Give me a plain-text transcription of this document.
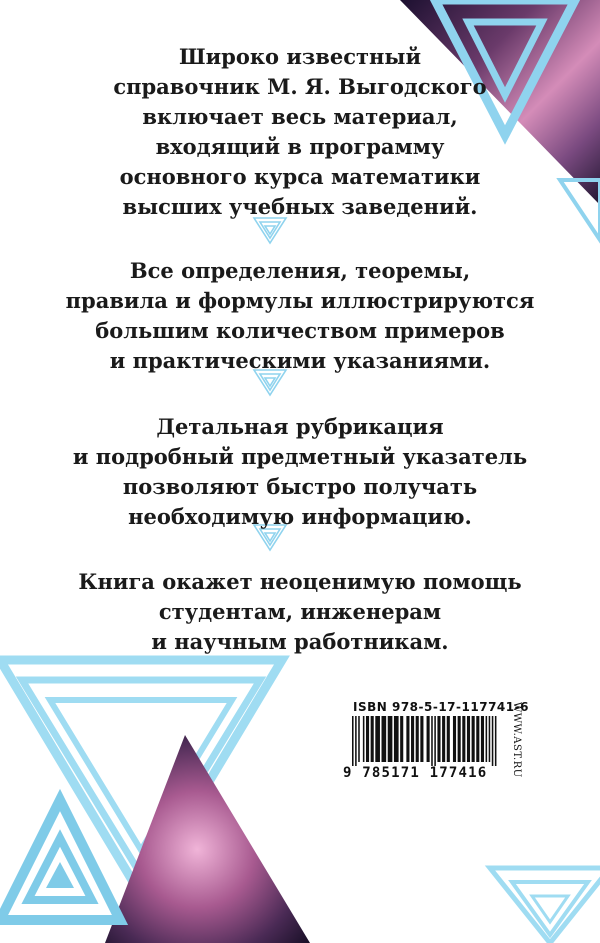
Широко известный
справочник М. Я. Выгодского
включает весь материал,
входящий в программу
основного курса математики
высших учебных заведений.
Все определения, теоремы,
правила и формулы иллюстрируются
большим количеством примеров
и практическими указаниями.
Детальная рубрикация
и подробный предметный указатель
позволяют быстро получать
необходимую информацию.
Книга окажет неоценимую помощь
студентам, инженерам
и научным работникам.
ISBN 978-5-17-117741-6
WWW.AST.RU
9 785171 177416
